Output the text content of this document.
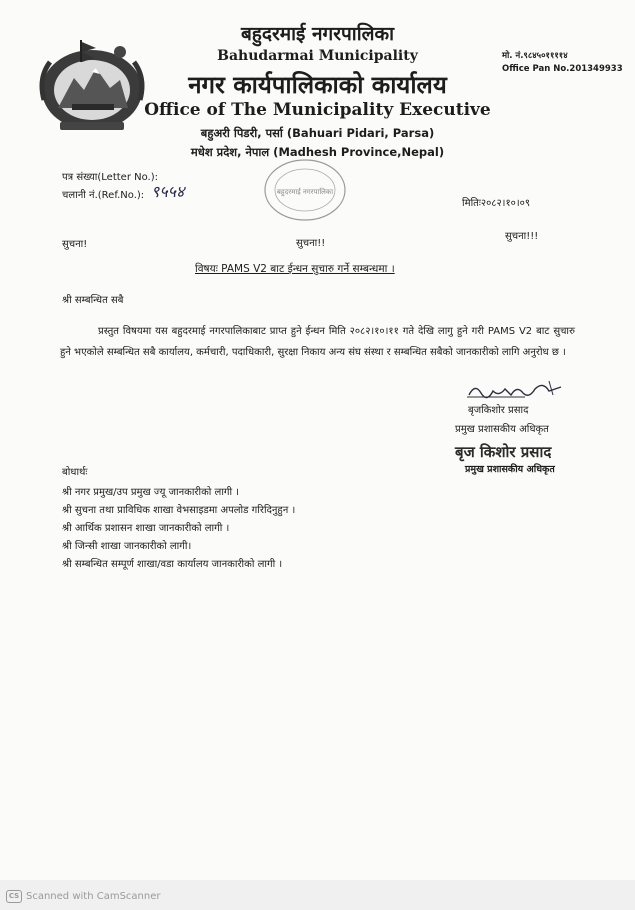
बहुदरमाई नगरपालिका
Bahudarmai Municipality
नगर कार्यपालिकाको कार्यालय
Office of The Municipality Executive
बहुअरी पिडरी, पर्सा (Bahuari Pidari, Parsa)
मधेश प्रदेश, नेपाल (Madhesh Province,Nepal)
मो. नं.९८४५०११११४
Office Pan No.201349933
पत्र संख्या(Letter No.):
चलानी नं.(Ref.No.): ९५५४	बहुदरमाई नगरपालिका
मितिः२०८२।१०।०९
सुचना!	सुचना!!
सुचना!!!
विषयः PAMS V2 बाट ईन्धन सुचारु गर्ने सम्बन्धमा ।
श्री सम्बन्धित सबै
प्रस्तुत विषयमा यस बहुदरमाई नगरपालिकाबाट प्राप्त हुने ईन्धन मिति २०८२।१०।११ गते देखि लागु हुने गरी PAMS V2 बाट सुचारु हुने भएकोले सम्बन्धित सबै कार्यालय, कर्मचारी, पदाधिकारी, सुरक्षा निकाय अन्य संघ संस्था र सम्बन्धित सबैको जानकारीको लागि अनुरोध छ ।
बृजकिशोर प्रसाद
प्रमुख प्रशासकीय अधिकृत
बृज किशोर प्रसाद
प्रमुख प्रशासकीय अधिकृत
बोधार्थः
श्री नगर प्रमुख/उप प्रमुख ज्यू जानकारीको लागी ।
श्री सुचना तथा प्राविधिक शाखा वेभसाइडमा अपलोड गरिदिनुहुन ।
श्री आर्थिक प्रशासन शाखा जानकारीको लागी ।
श्री जिन्सी शाखा जानकारीको लागी।
श्री सम्बन्धित सम्पूर्ण शाखा/वडा कार्यालय जानकारीको लागी ।
CS Scanned with CamScanner
